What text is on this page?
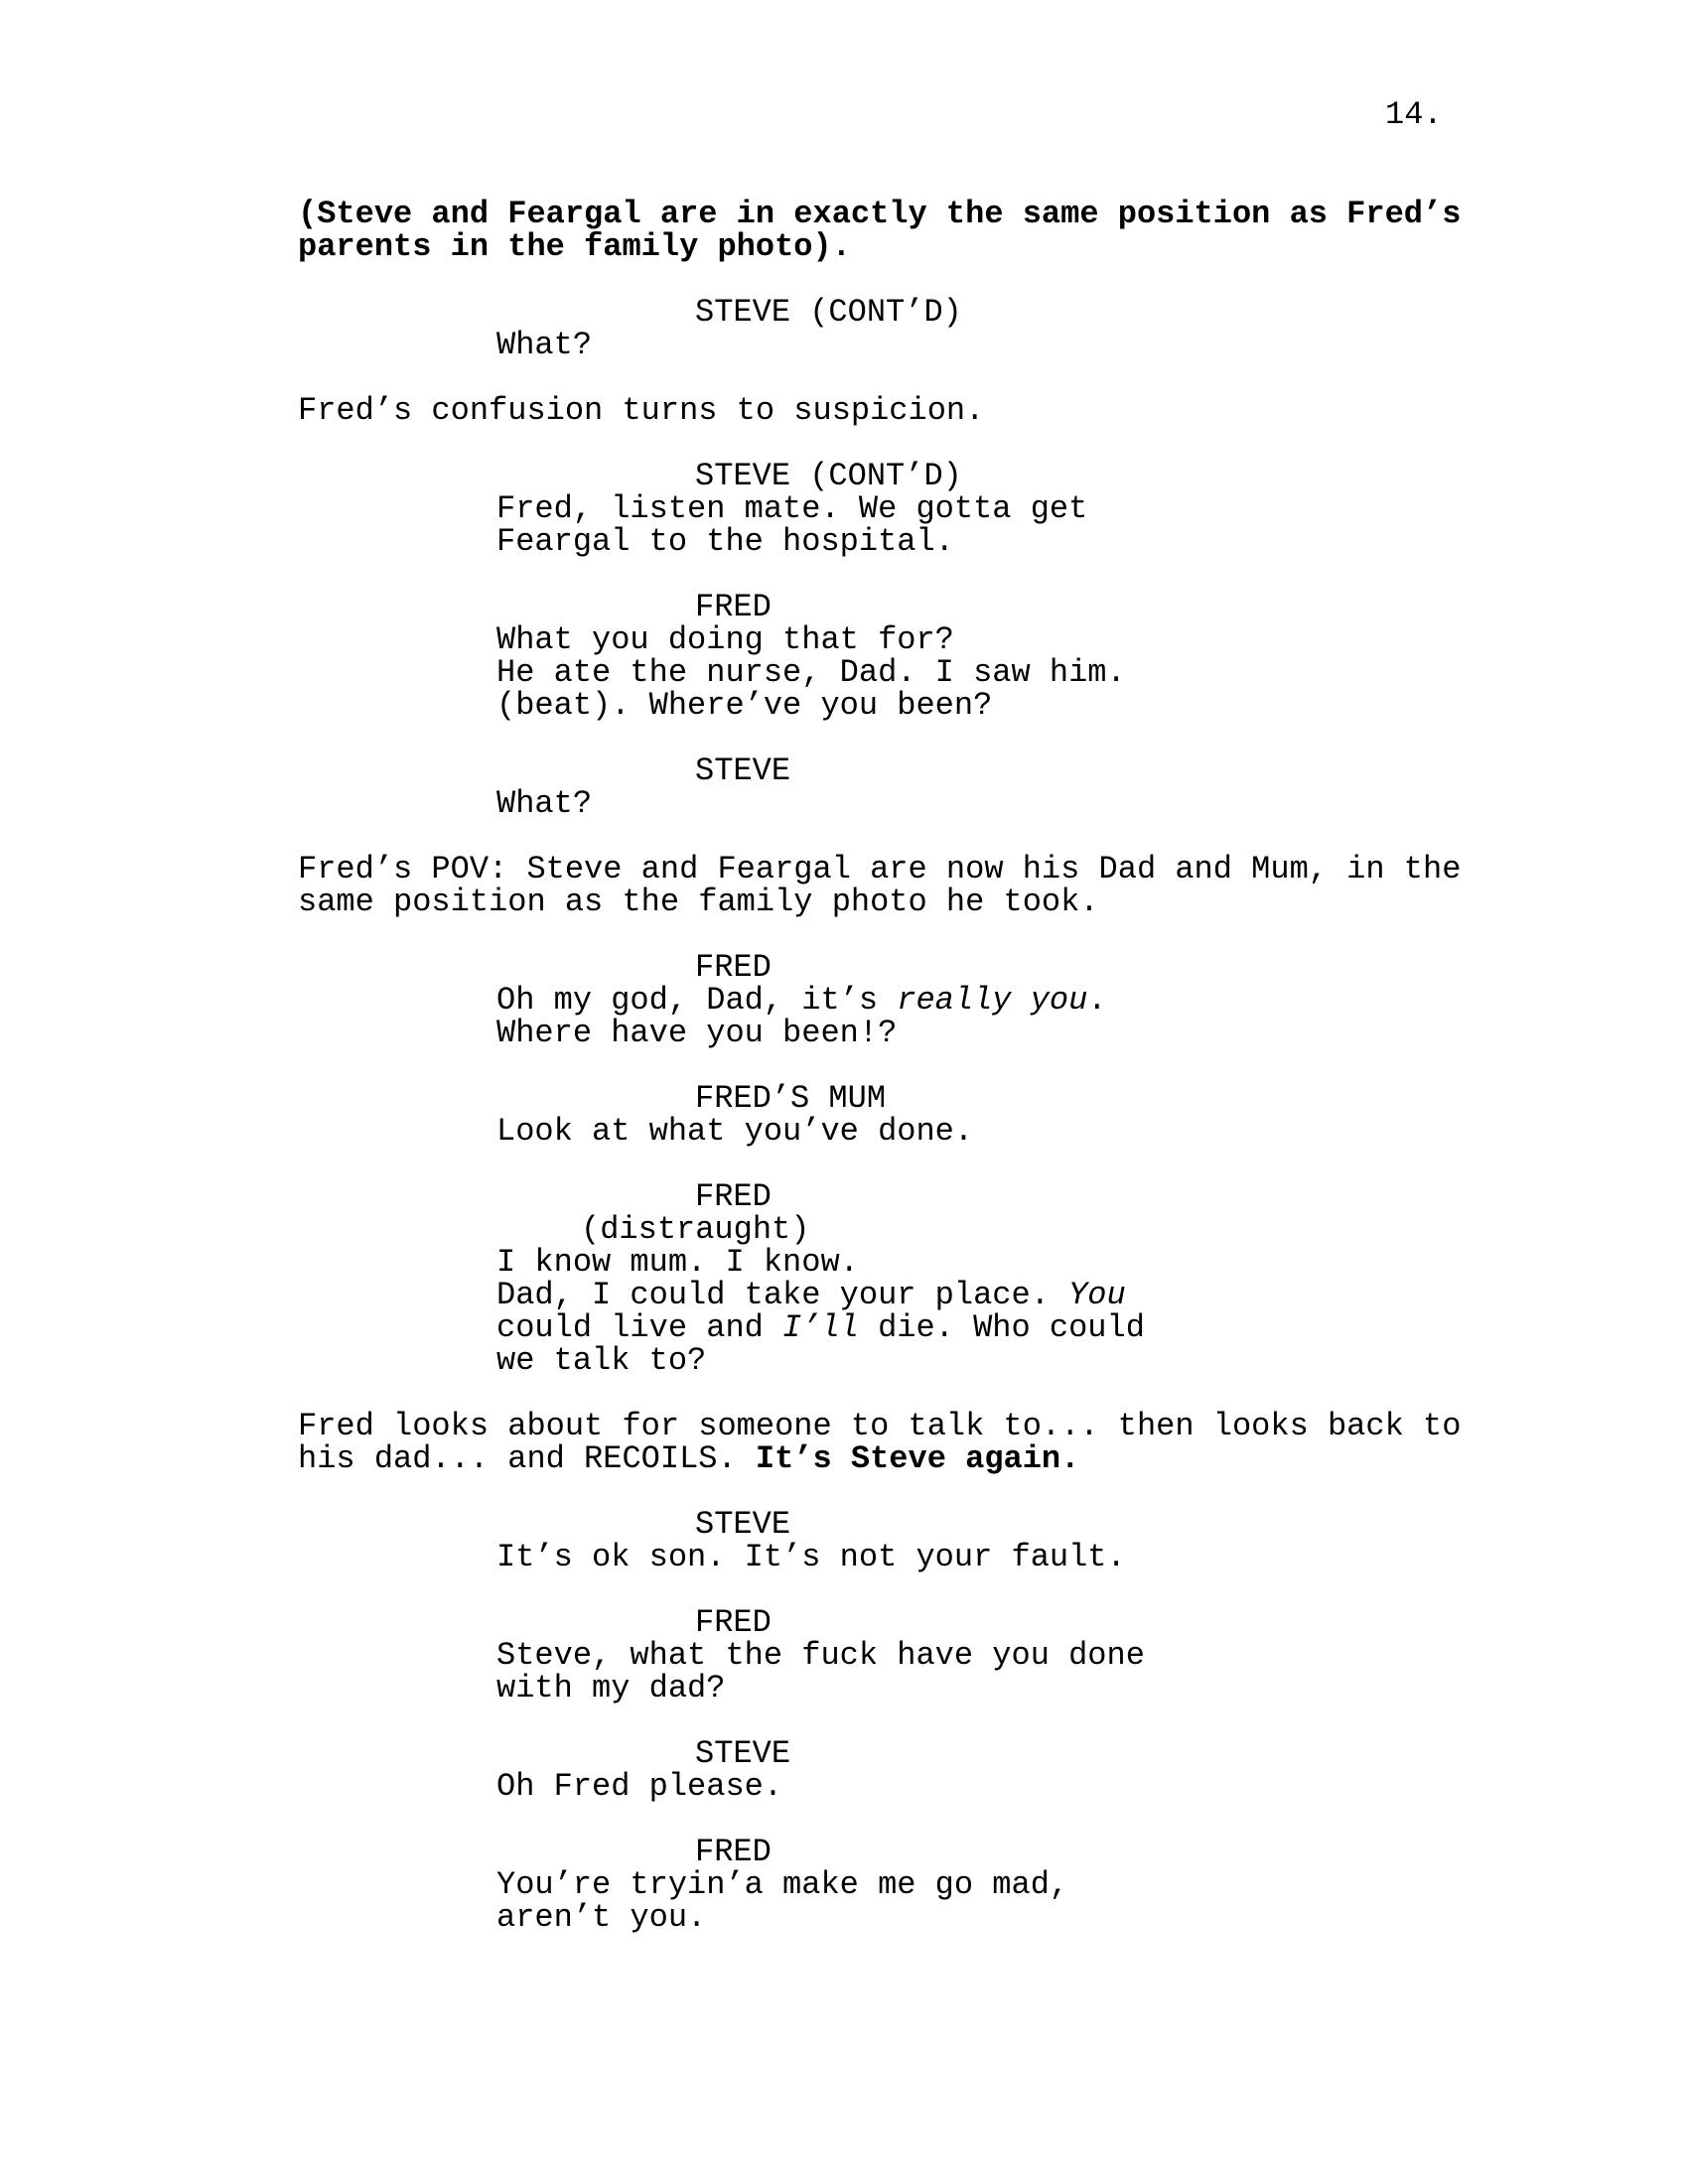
14.

(Steve and Feargal are in exactly the same position as Fred’s

parents in the family photo).

STEVE (CONT’D)

What?

Fred’s confusion turns to suspicion.

STEVE (CONT’D)

Fred, listen mate. We gotta get

Feargal to the hospital.

FRED

What you doing that for?

He ate the nurse, Dad. I saw him.

(beat). Where’ve you been?

STEVE

What?

Fred’s POV: Steve and Feargal are now his Dad and Mum, in the

same position as the family photo he took.

FRED

Oh my god, Dad, it’s really you.

Where have you been!?

FRED’S MUM

Look at what you’ve done.

FRED
(distraught)

I know mum. I know.

Dad, I could take your place. You

could live and I’ll die. Who could

we talk to?

Fred looks about for someone to talk to... then looks back to

his dad... and RECOILS. It’s Steve again.

STEVE

It’s ok son. It’s not your fault.

FRED

Steve, what the fuck have you done

with my dad?

STEVE

Oh Fred please.

FRED

You’re tryin’a make me go mad,

aren’t you.
